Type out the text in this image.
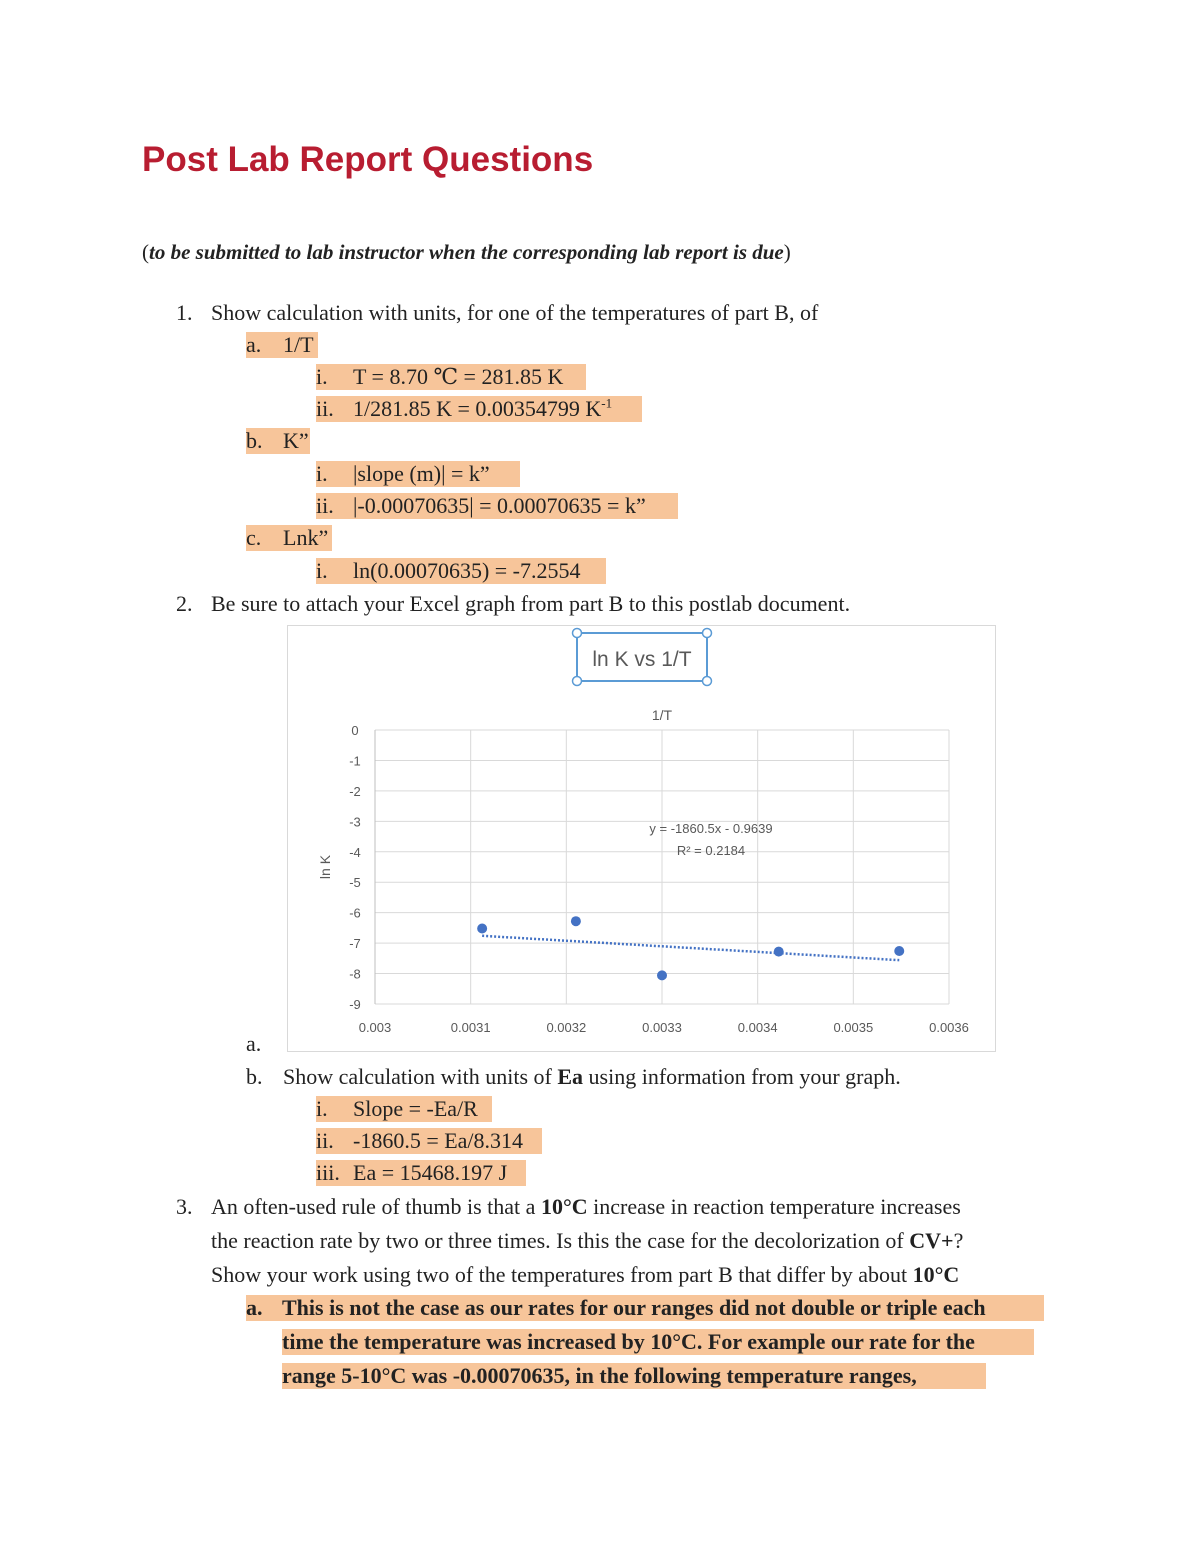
Post Lab Report Questions
(to be submitted to lab instructor when the corresponding lab report is due)
1. Show calculation with units, for one of the temperatures of part B, of
a. 1/T
i. T = 8.70 ℃ = 281.85 K
ii. 1/281.85 K = 0.00354799 $K^{-1}$
b. K”
i. |slope (m)| = k”
ii. |-0.00070635| = 0.00070635 = k”
c. Lnk”
i. ln(0.00070635) = -7.2554
2. Be sure to attach your Excel graph from part B to this postlab document.
0
-1
-2
-3
-4
-5
-6
-7
-8
-9
0.003	0.0031	0.0032	0.0033	0.0034	0.0035	0.0036
ln K vs 1/T
1/T
ln K
y = -1860.5x - 0.9639
R² = 0.2184
a.
b. Show calculation with units of Ea using information from your graph.
i. Slope = -Ea/R
ii. -1860.5 = Ea/8.314
iii. Ea = 15468.197 J
3. An often-used rule of thumb is that a 10°C increase in reaction temperature increases
the reaction rate by two or three times. Is this the case for the decolorization of CV+?
Show your work using two of the temperatures from part B that differ by about 10°C
a. This is not the case as our rates for our ranges did not double or triple each
time the temperature was increased by 10°C. For example our rate for the
range 5-10°C was -0.00070635, in the following temperature ranges,
